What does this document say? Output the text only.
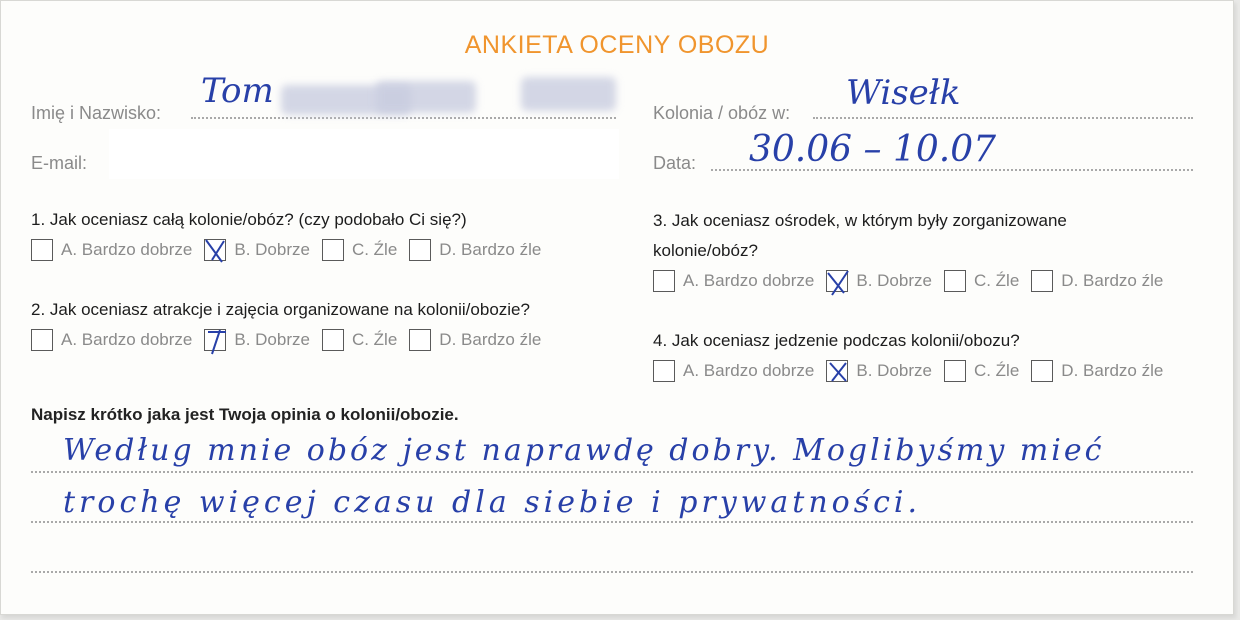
ANKIETA OCENY OBOZU
Imię i Nazwisko:
Tom
E-mail:
Kolonia / obóz w: Wisełk
Data: 30.06 – 10.07
1. Jak oceniasz całą kolonie/obóz? (czy podobało Ci się?)
A. Bardzo dobrze B. Dobrze C. Źle D. Bardzo źle
2. Jak oceniasz atrakcje i zajęcia organizowane na kolonii/obozie?
A. Bardzo dobrze B. Dobrze C. Źle D. Bardzo źle
3. Jak oceniasz ośrodek, w którym były zorganizowane
kolonie/obóz?
A. Bardzo dobrze B. Dobrze C. Źle D. Bardzo źle
4. Jak oceniasz jedzenie podczas kolonii/obozu?
A. Bardzo dobrze B. Dobrze C. Źle D. Bardzo źle
Napisz krótko jaka jest Twoja opinia o kolonii/obozie.
Według mnie obóz jest naprawdę dobry. Moglibyśmy mieć
trochę więcej czasu dla siebie i prywatności.
